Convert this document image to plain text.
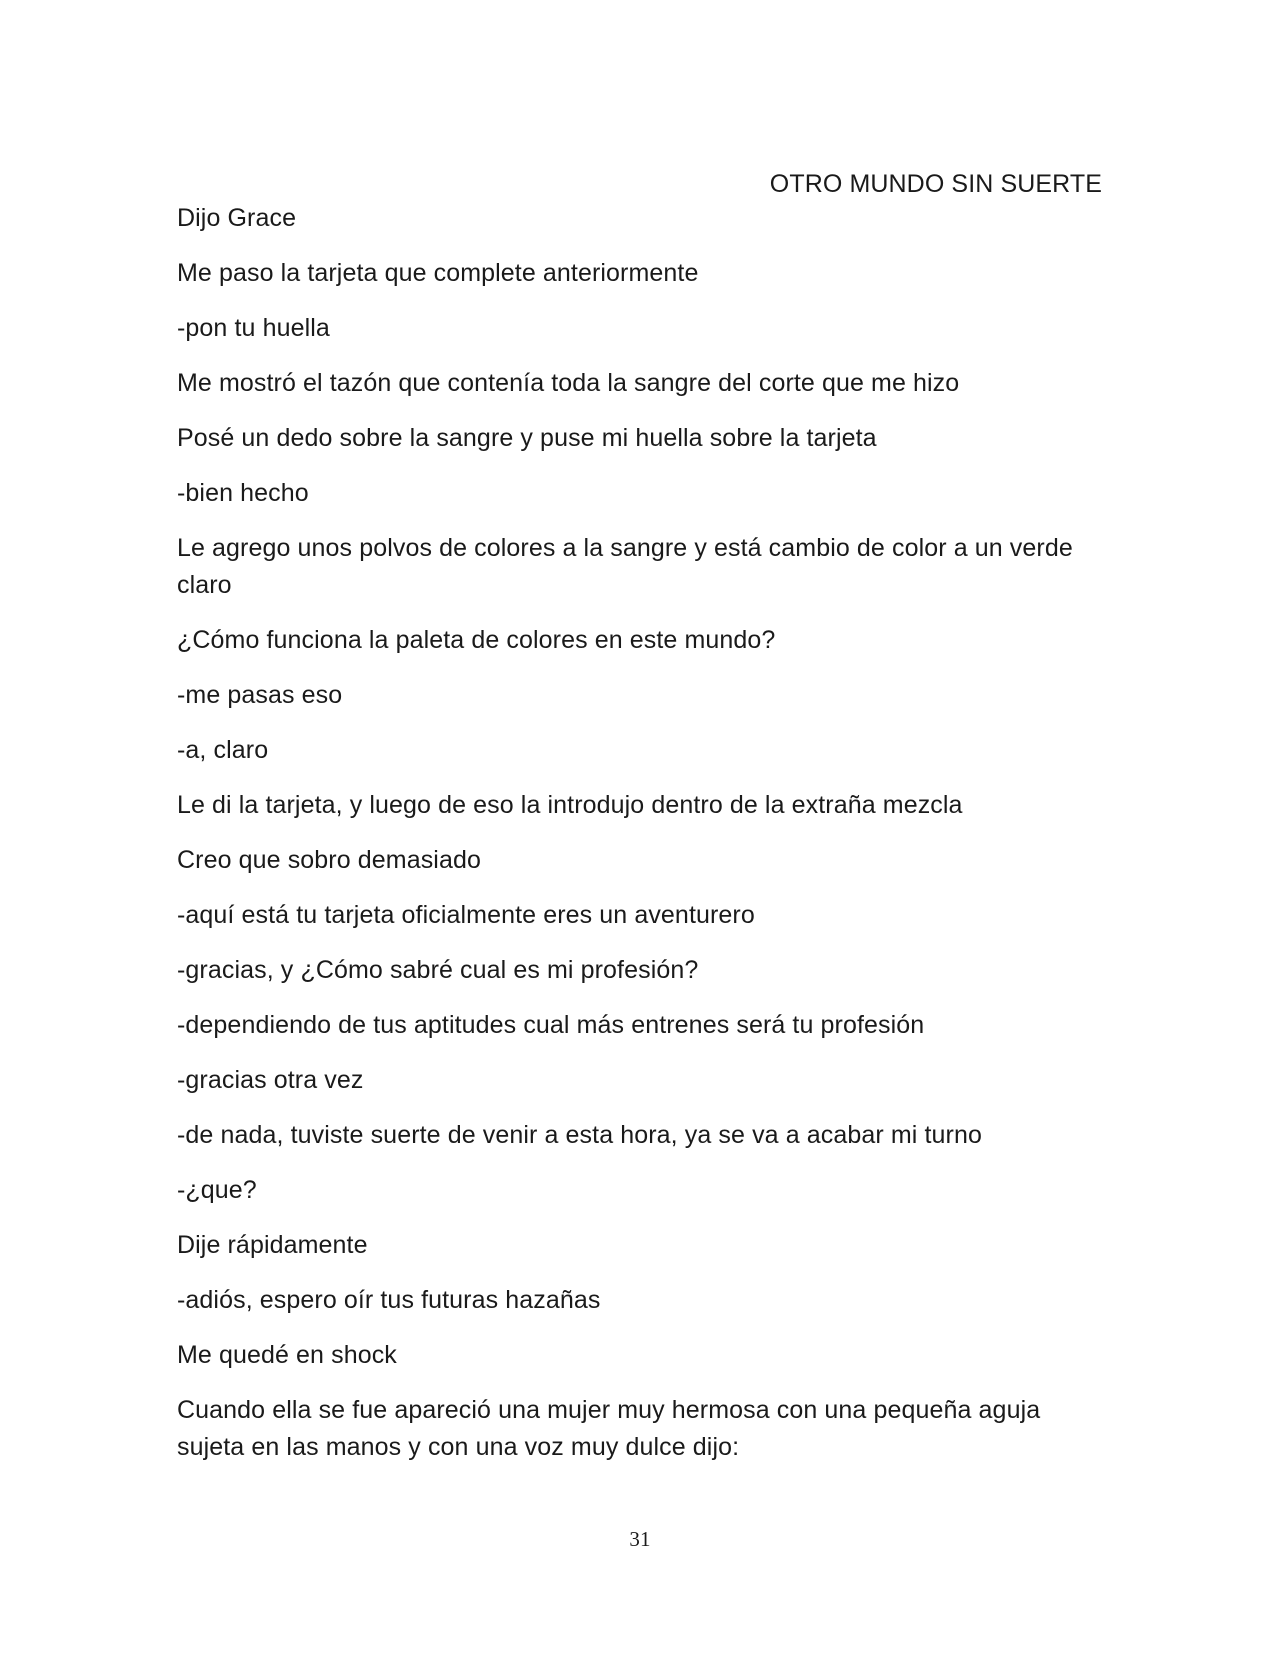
OTRO MUNDO SIN SUERTE

Dijo Grace

Me paso la tarjeta que complete anteriormente

-pon tu huella

Me mostró el tazón que contenía toda la sangre del corte que me hizo

Posé un dedo sobre la sangre y puse mi huella sobre la tarjeta

-bien hecho

Le agrego unos polvos de colores a la sangre y está cambio de color a un verde claro

¿Cómo funciona la paleta de colores en este mundo?

-me pasas eso

-a, claro

Le di la tarjeta, y luego de eso la introdujo dentro de la extraña mezcla

Creo que sobro demasiado

-aquí está tu tarjeta oficialmente eres un aventurero

-gracias, y ¿Cómo sabré cual es mi profesión?

-dependiendo de tus aptitudes cual más entrenes será tu profesión

-gracias otra vez

-de nada, tuviste suerte de venir a esta hora, ya se va a acabar mi turno

-¿que?

Dije rápidamente

-adiós, espero oír tus futuras hazañas

Me quedé en shock

Cuando ella se fue apareció una mujer muy hermosa con una pequeña aguja sujeta en las manos y con una voz muy dulce dijo:

31
